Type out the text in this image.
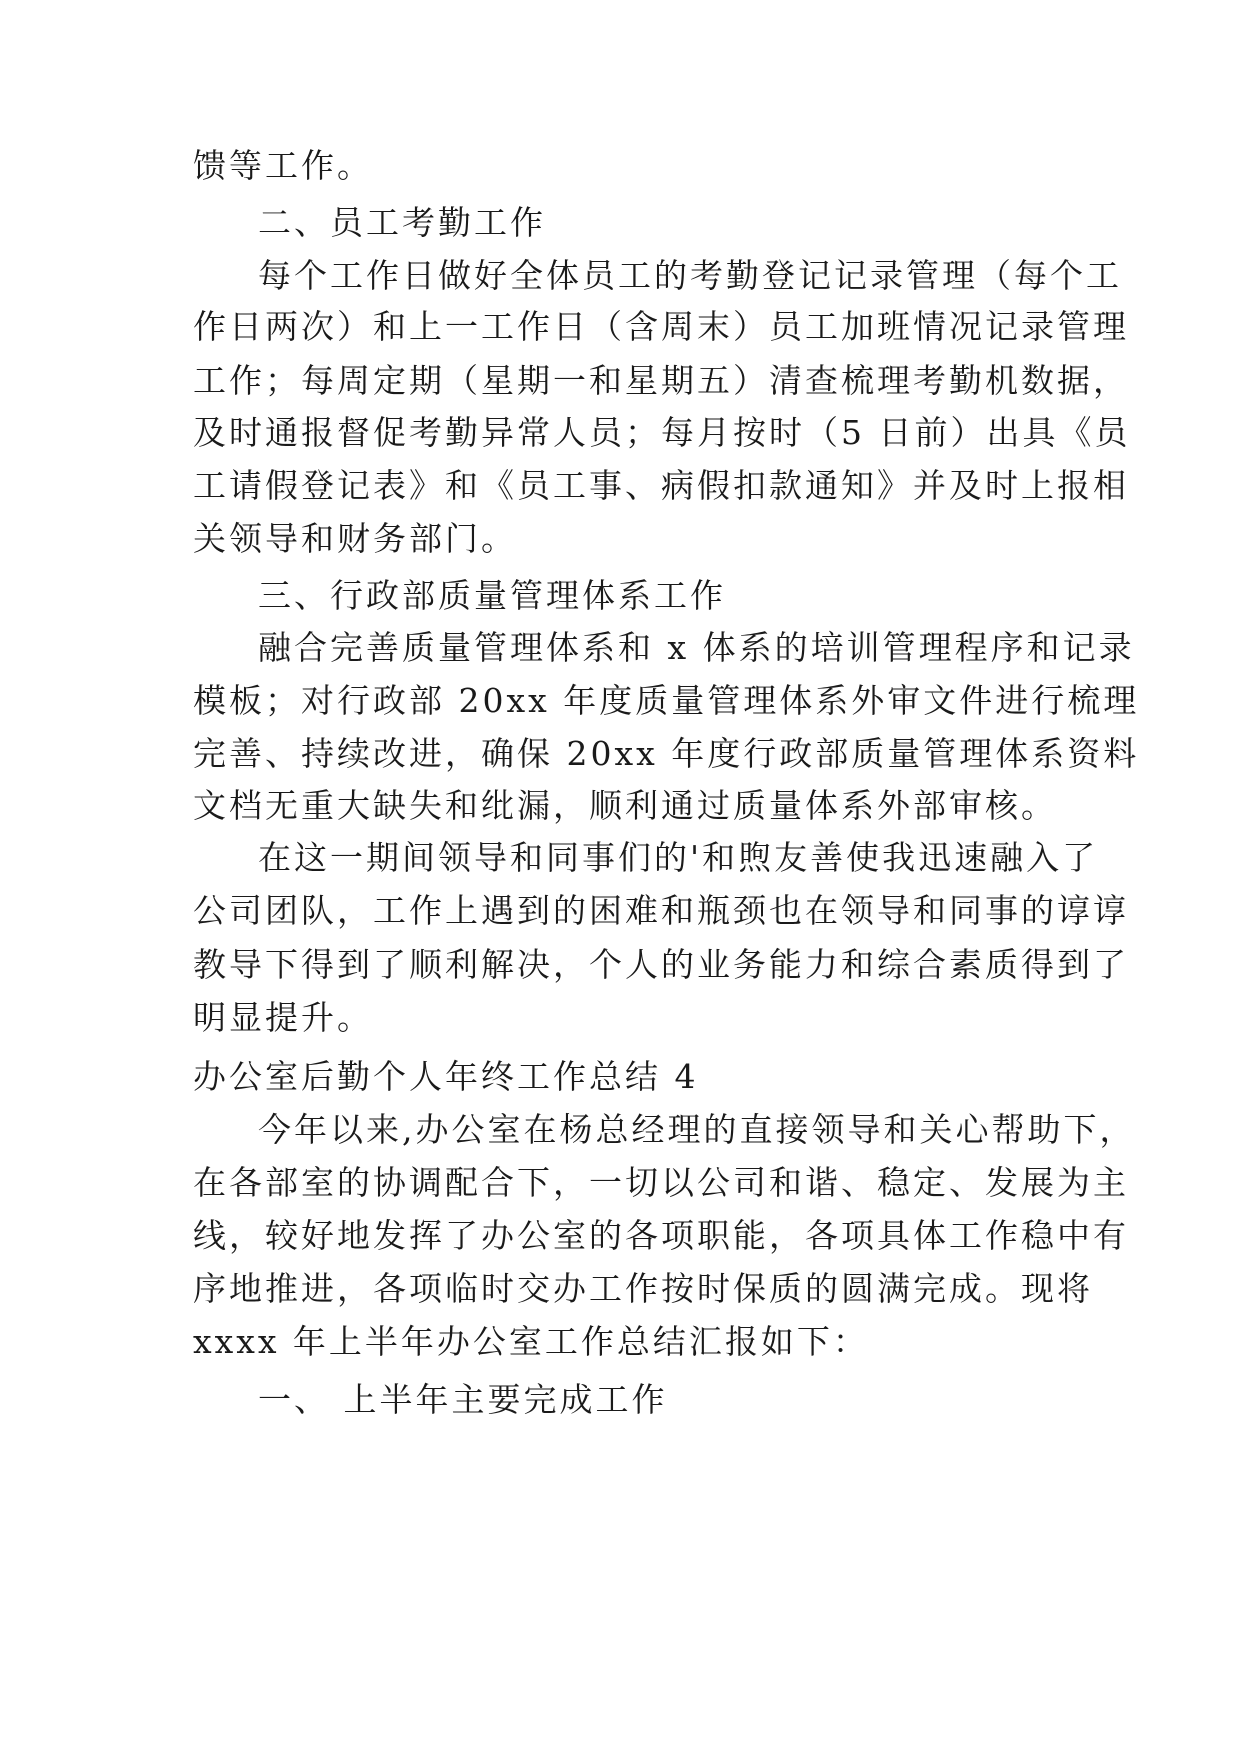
馈等工作。
二、员工考勤工作
每个工作日做好全体员工的考勤登记记录管理（每个工
作日两次）和上一工作日（含周末）员工加班情况记录管理
工作；每周定期（星期一和星期五）清查梳理考勤机数据，
及时通报督促考勤异常人员；每月按时（5 日前）出具《员
工请假登记表》和《员工事、病假扣款通知》并及时上报相
关领导和财务部门。
三、行政部质量管理体系工作
融合完善质量管理体系和 x 体系的培训管理程序和记录
模板；对行政部 20xx 年度质量管理体系外审文件进行梳理
完善、持续改进，确保 20xx 年度行政部质量管理体系资料
文档无重大缺失和纰漏，顺利通过质量体系外部审核。
在这一期间领导和同事们的'和煦友善使我迅速融入了
公司团队，工作上遇到的困难和瓶颈也在领导和同事的谆谆
教导下得到了顺利解决，个人的业务能力和综合素质得到了
明显提升。
办公室后勤个人年终工作总结 4
今年以来,办公室在杨总经理的直接领导和关心帮助下，
在各部室的协调配合下，一切以公司和谐、稳定、发展为主
线，较好地发挥了办公室的各项职能，各项具体工作稳中有
序地推进，各项临时交办工作按时保质的圆满完成。现将
xxxx 年上半年办公室工作总结汇报如下：
一、 上半年主要完成工作
